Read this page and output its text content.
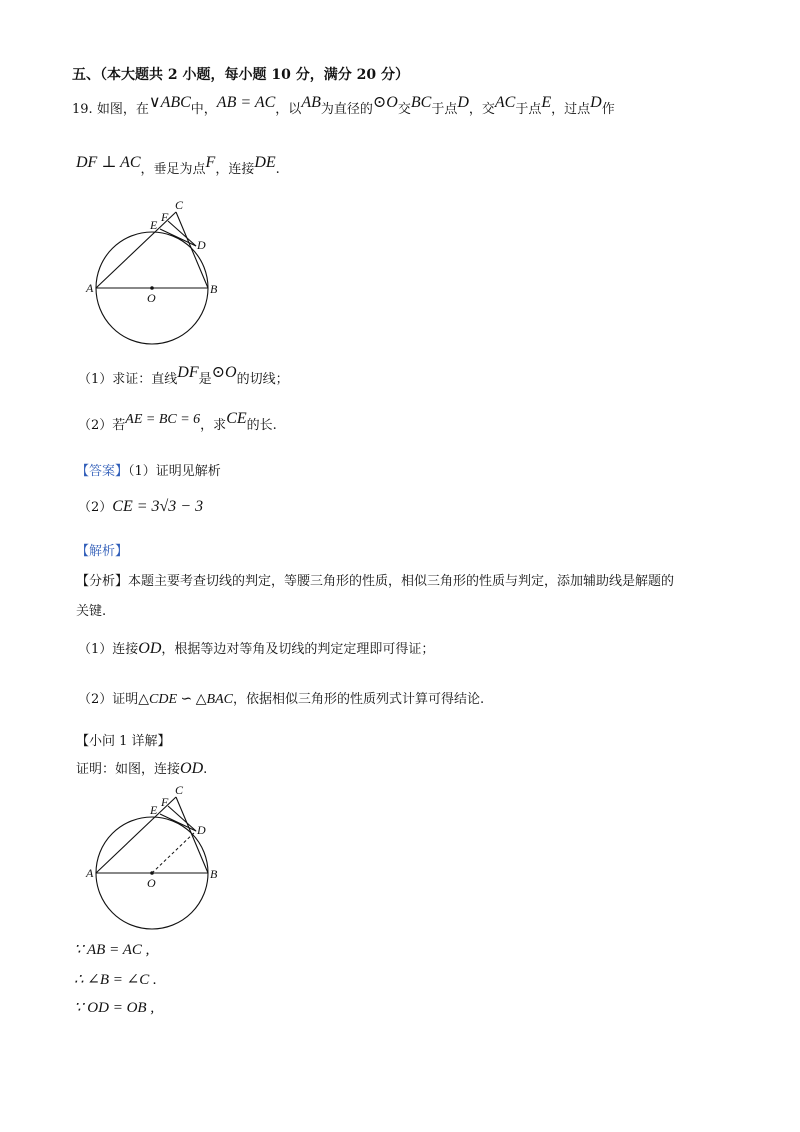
五、（本大题共 2 小题，每小题 10 分，满分 20 分）
19. 如图，在∨ABC中，AB = AC，以AB为直径的⊙O交BC于点D，交AC于点E，过点D作
DF ⊥ AC，垂足为点F，连接DE.
A	B
C
D
E
F
O
（1）求证：直线DF是⊙O的切线；
（2）若AE = BC = 6，求CE的长.
【答案】（1）证明见解析
（2）CE = 3√3 − 3
【解析】
【分析】本题主要考查切线的判定，等腰三角形的性质，相似三角形的性质与判定，添加辅助线是解题的
关键.
（1）连接OD，根据等边对等角及切线的判定定理即可得证；
（2）证明△CDE ∽ △BAC，依据相似三角形的性质列式计算可得结论.
【小问 1 详解】
证明：如图，连接OD.
A	B
C
D
E
F
O
∵ AB = AC ,
∴ ∠B = ∠C .
∵ OD = OB ,
